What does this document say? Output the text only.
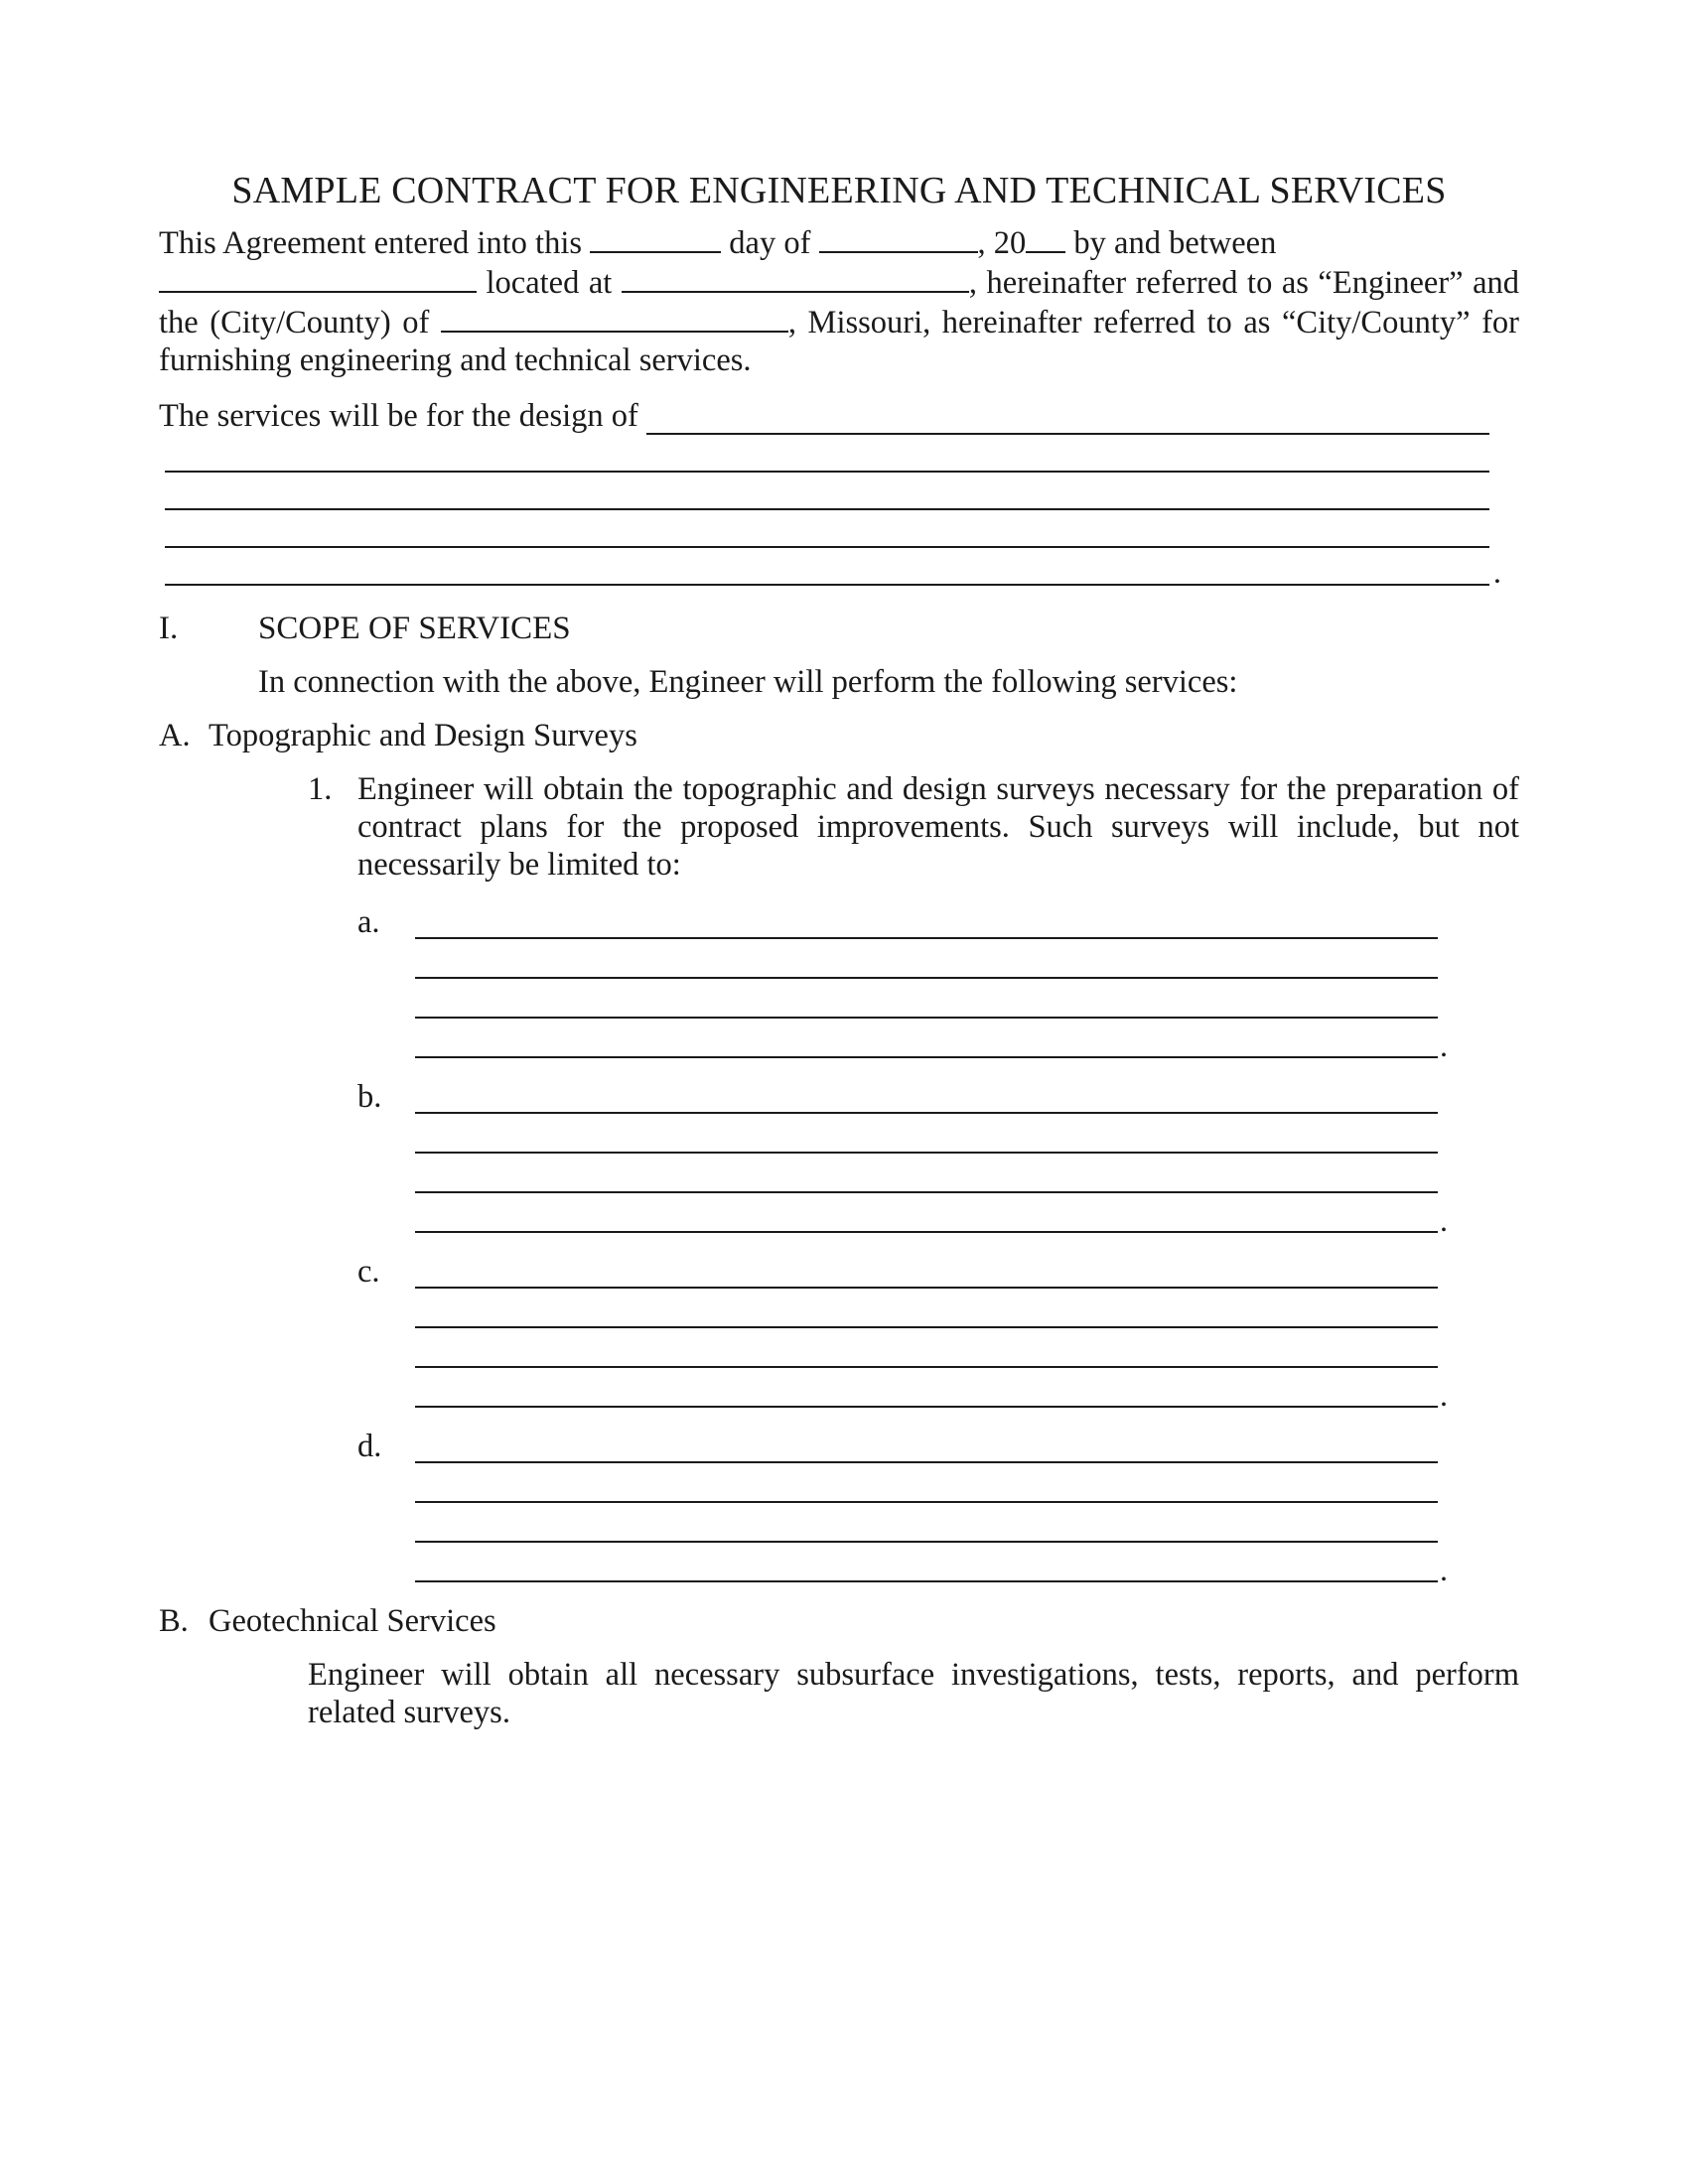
SAMPLE CONTRACT FOR ENGINEERING AND TECHNICAL SERVICES

This Agreement entered into this	day of	, 20 by and between
located at	, hereinafter referred to as “Engineer” and the (City/County) of	, Missouri, hereinafter referred to as “City/County” for furnishing engineering and technical services.

The services will be for the design of
.
I.	SCOPE OF SERVICES
In connection with the above, Engineer will perform the following services:
A. Topographic and Design Surveys
1. Engineer will obtain the topographic and design surveys necessary for the preparation of contract plans for the proposed improvements. Such surveys will include, but not necessarily be limited to:
a.
.
b.
.
c.
.
d.
.
B. Geotechnical Services
Engineer will obtain all necessary subsurface investigations, tests, reports, and perform related surveys.
